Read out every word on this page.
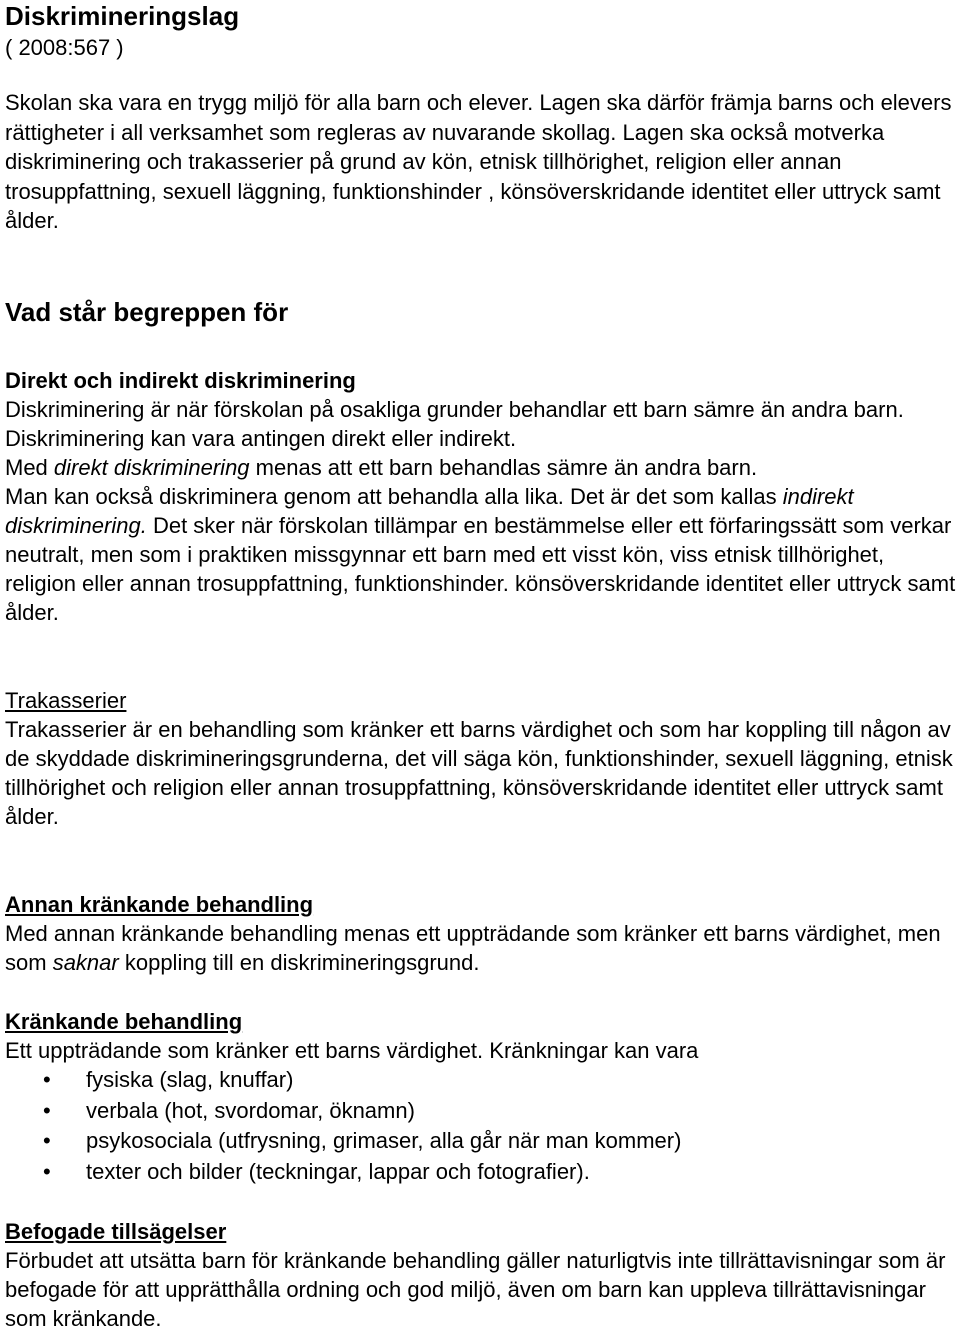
Diskrimineringslag
( 2008:567 )

Skolan ska vara en trygg miljö för alla barn och elever. Lagen ska därför främja barns och elevers rättigheter i all verksamhet som regleras av nuvarande skollag. Lagen ska också motverka diskriminering och trakasserier på grund av kön, etnisk tillhörighet, religion eller annan trosuppfattning, sexuell läggning, funktionshinder , könsöverskridande identitet eller uttryck samt ålder.

Vad står begreppen för

Direkt och indirekt diskriminering

Diskriminering är när förskolan på osakliga grunder behandlar ett barn sämre än andra barn. Diskriminering kan vara antingen direkt eller indirekt.

Med direkt diskriminering menas att ett barn behandlas sämre än andra barn.

Man kan också diskriminera genom att behandla alla lika. Det är det som kallas indirekt diskriminering. Det sker när förskolan tillämpar en bestämmelse eller ett förfaringssätt som verkar neutralt, men som i praktiken missgynnar ett barn med ett visst kön, viss etnisk tillhörighet, religion eller annan trosuppfattning, funktionshinder. könsöverskridande identitet eller uttryck samt ålder.

Trakasserier

Trakasserier är en behandling som kränker ett barns värdighet och som har koppling till någon av de skyddade diskrimineringsgrunderna, det vill säga kön, funktionshinder, sexuell läggning, etnisk tillhörighet och religion eller annan trosuppfattning, könsöverskridande identitet eller uttryck samt ålder.

Annan kränkande behandling

Med annan kränkande behandling menas ett uppträdande som kränker ett barns värdighet, men som saknar koppling till en diskrimineringsgrund.

Kränkande behandling

Ett uppträdande som kränker ett barns värdighet. Kränkningar kan vara

• fysiska (slag, knuffar)
• verbala (hot, svordomar, öknamn)
• psykosociala (utfrysning, grimaser, alla går när man kommer)
• texter och bilder (teckningar, lappar och fotografier).

Befogade tillsägelser

Förbudet att utsätta barn för kränkande behandling gäller naturligtvis inte tillrättavisningar som är befogade för att upprätthålla ordning och god miljö, även om barn kan uppleva tillrättavisningar som kränkande.
